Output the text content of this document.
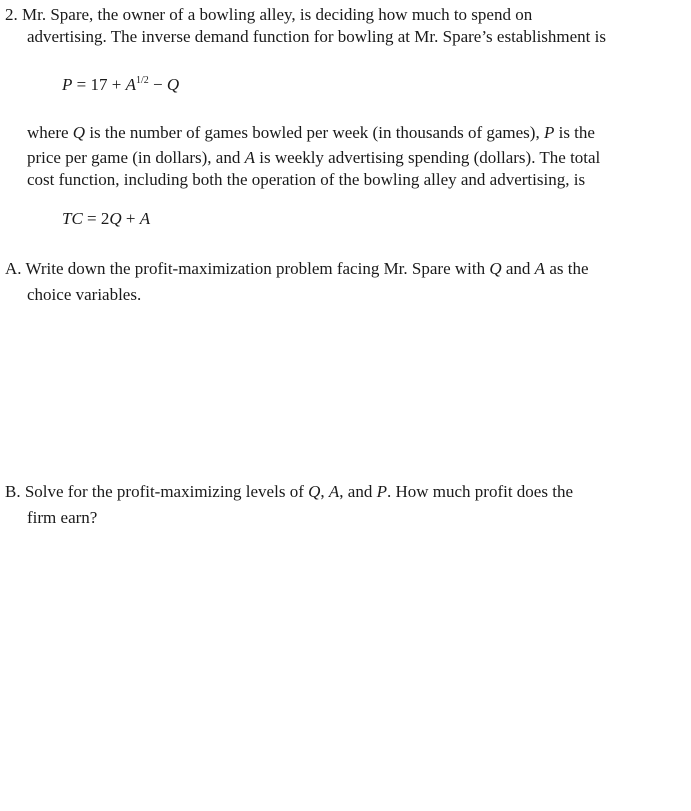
2. Mr. Spare, the owner of a bowling alley, is deciding how much to spend on
advertising. The inverse demand function for bowling at Mr. Spare’s establishment is
$P = 17 + A^{1/2} - Q$
where Q is the number of games bowled per week (in thousands of games), P is the
price per game (in dollars), and A is weekly advertising spending (dollars). The total
cost function, including both the operation of the bowling alley and advertising, is
TC = 2Q + A
A. Write down the profit-maximization problem facing Mr. Spare with Q and A as the
choice variables.
B. Solve for the profit-maximizing levels of Q, A, and P. How much profit does the
firm earn?
